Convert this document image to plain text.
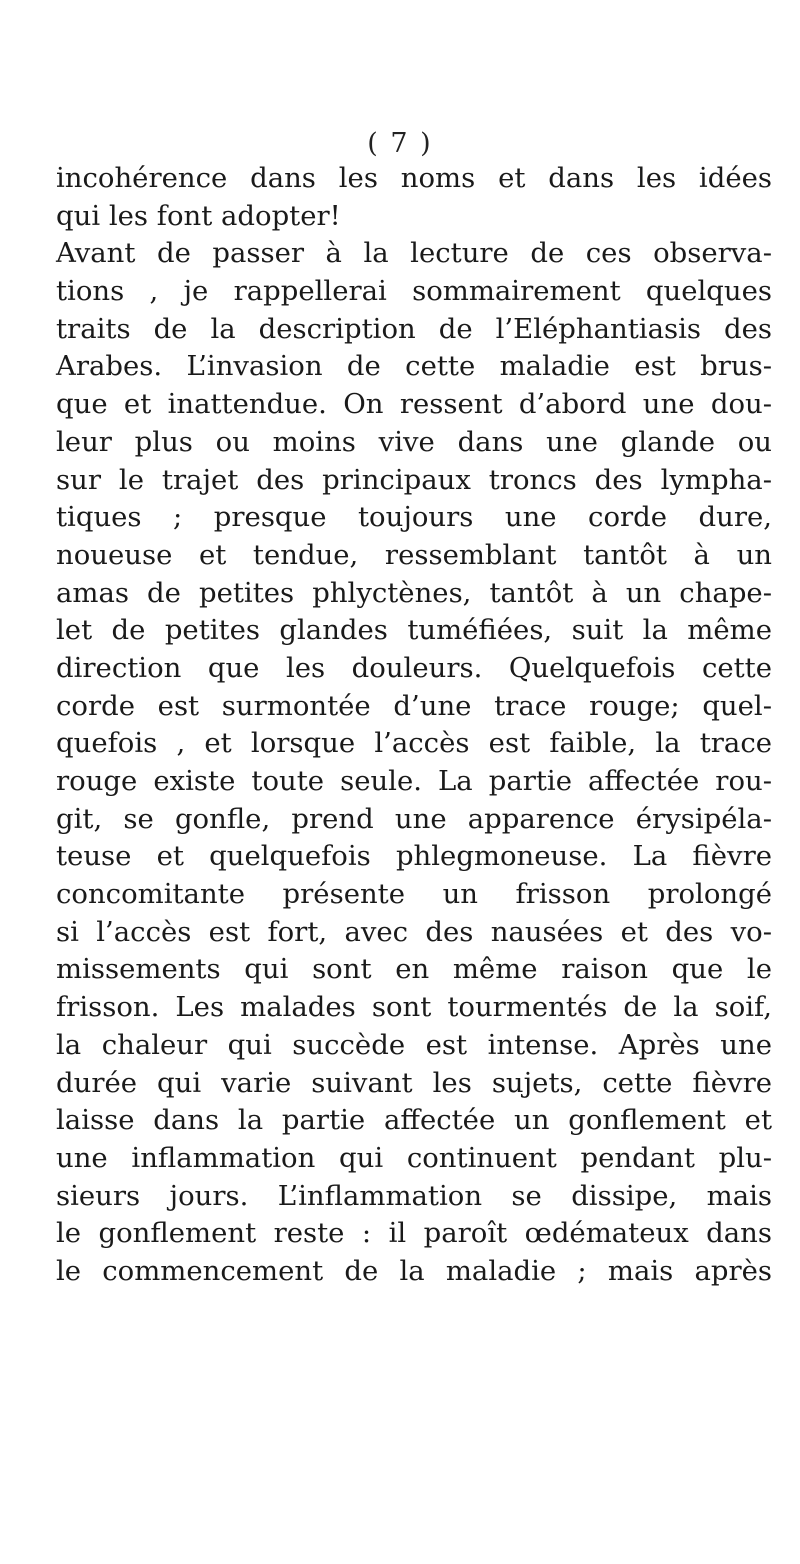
( 7 )
incohérence dans les noms et dans les idées
qui les font adopter!
Avant de passer à la lecture de ces observa-
tions , je rappellerai sommairement quelques
traits de la description de l’Eléphantiasis des
Arabes. L’invasion de cette maladie est brus-
que et inattendue. On ressent d’abord une dou-
leur plus ou moins vive dans une glande ou
sur le trajet des principaux troncs des lympha-
tiques ; presque toujours une corde dure,
noueuse et tendue, ressemblant tantôt à un
amas de petites phlyctènes, tantôt à un chape-
let de petites glandes tuméfiées, suit la même
direction que les douleurs. Quelquefois cette
corde est surmontée d’une trace rouge; quel-
quefois , et lorsque l’accès est faible, la trace
rouge existe toute seule. La partie affectée rou-
git, se gonfle, prend une apparence érysipéla-
teuse et quelquefois phlegmoneuse. La fièvre
concomitante présente un frisson prolongé
si l’accès est fort, avec des nausées et des vo-
missements qui sont en même raison que le
frisson. Les malades sont tourmentés de la soif,
la chaleur qui succède est intense. Après une
durée qui varie suivant les sujets, cette fièvre
laisse dans la partie affectée un gonflement et
une inflammation qui continuent pendant plu-
sieurs jours. L’inflammation se dissipe, mais
le gonflement reste : il paroît œdémateux dans
le commencement de la maladie ; mais après
